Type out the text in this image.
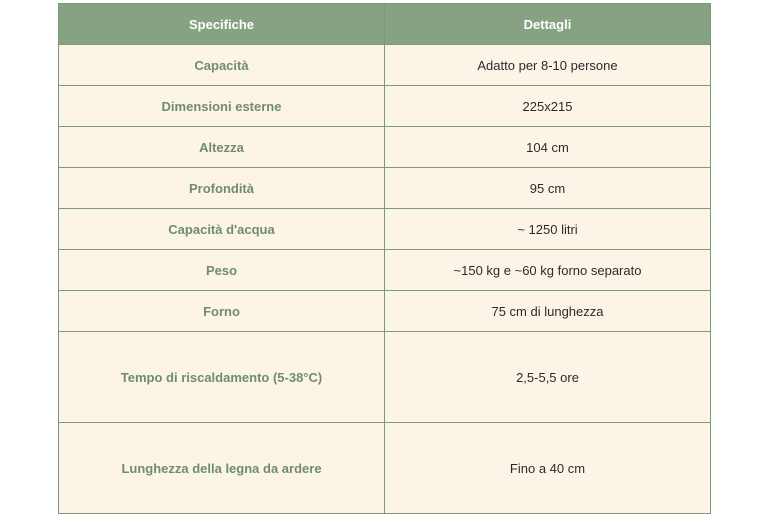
Specifiche	Dettagli
Capacità	Adatto per 8-10 persone
Dimensioni esterne	225x215
Altezza	104 cm
Profondità	95 cm
Capacità d'acqua	~ 1250 litri
Peso	~150 kg e ~60 kg forno separato
Forno	75 cm di lunghezza
Tempo di riscaldamento (5-38°C)	2,5-5,5 ore
Lunghezza della legna da ardere	Fino a 40 cm
